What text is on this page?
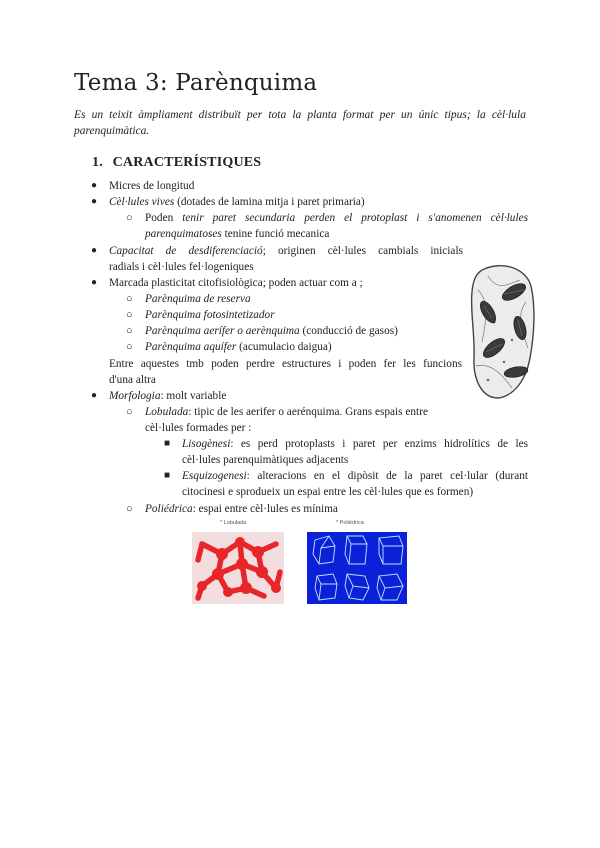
Tema 3: Parènquima
Es un teixit àmpliament distribuït per tota la planta format per un únic tipus; la cèl·lula parenquimàtica.
1. CARACTERÍSTIQUES
● Micres de longitud
● Cèl·lules vives (dotades de lamina mitja i paret primaria)
○ Poden tenir paret secundaria perden el protoplast i s'anomenen cèl·lules
parenquimatoses tenine funció mecanica
● Capacitat de desdiferenciació; originen cèl·lules cambials inicials
radials i cèl·lules fel·logeniques
● Marcada plasticitat citofisiològica; poden actuar com a ;
○ Parènquima de reserva
○ Parènquima fotosintetizador
○ Parènquima aerífer o aerènquima (conducció de gasos)
○ Parènquima aquífer (acumulacio daigua)
Entre aquestes tmb poden perdre estructures i poden fer les funcions
d'una altra
● Morfologia: molt variable
○ Lobulada: tipic de les aerifer o aerénquima. Grans espais entre
cèl·lules formades per :
■ Lisogènesi: es perd protoplasts i paret per enzims hidrolítics de les
cèl·lules parenquimàtiques adjacents
■ Esquizogenesi: alteracions en el dipòsit de la paret cel·lular (durant
citocinesi e sprodueix un espai entre les cèl·lules que es formen)
○ Poliédrica: espai entre cèl·lules es mínima
* Lobulada	* Poliédrica
